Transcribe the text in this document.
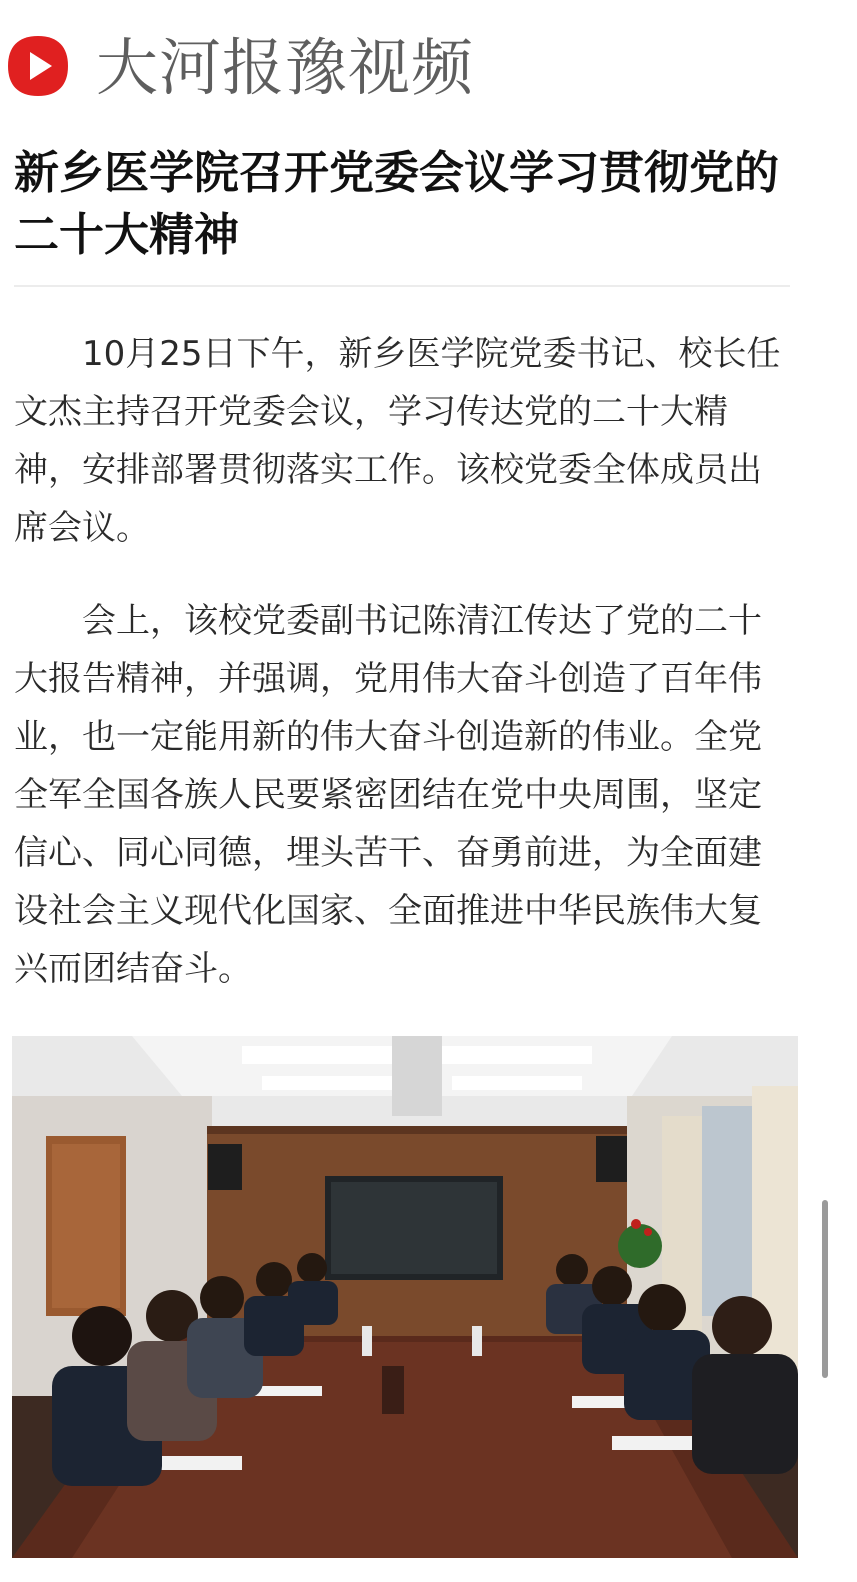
大河报豫视频
新乡医学院召开党委会议学习贯彻党的二十大精神

10月25日下午，新乡医学院党委书记、校长任文杰主持召开党委会议，学习传达党的二十大精神，安排部署贯彻落实工作。该校党委全体成员出席会议。

会上，该校党委副书记陈清江传达了党的二十大报告精神，并强调，党用伟大奋斗创造了百年伟业，也一定能用新的伟大奋斗创造新的伟业。全党全军全国各族人民要紧密团结在党中央周围，坚定信心、同心同德，埋头苦干、奋勇前进，为全面建设社会主义现代化国家、全面推进中华民族伟大复兴而团结奋斗。
